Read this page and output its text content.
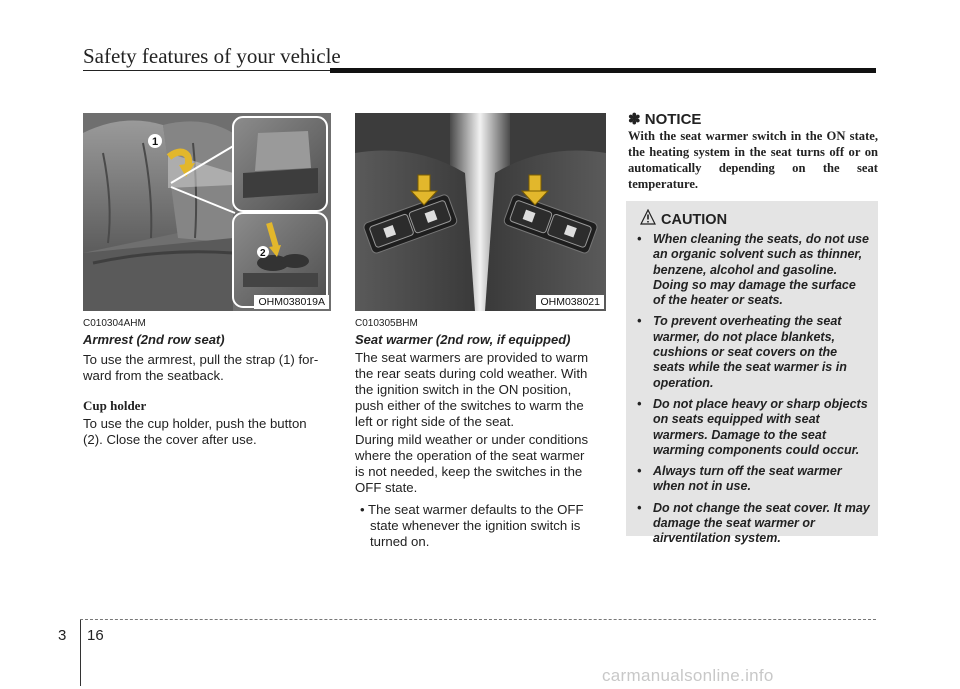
Safety features of your vehicle
1
2
OHM038019A
C010304AHM
Armrest (2nd row seat)
To use the armrest, pull the strap (1) for-
ward from the seatback.
Cup holder
To use the cup holder, push the button
(2). Close the cover after use.
OHM038021
C010305BHM
Seat warmer (2nd row, if equipped)
The seat warmers are provided to warm
the rear seats during cold weather. With
the ignition switch in the ON position,
push either of the switches to warm the
left or right side of the seat.
During mild weather or under conditions
where the operation of the seat warmer
is not needed, keep the switches in the
OFF state.
• The seat warmer defaults to the OFF
state whenever the ignition switch is
turned on.
✽ NOTICE

With the seat warmer switch in the ON state, the heating system in the seat turns off or on automatically depending on the seat temperature.

CAUTION
• When cleaning the seats, do not use an organic solvent such as thinner, benzene, alcohol and gasoline. Doing so may damage the surface of the heater or seats.
• To prevent overheating the seat warmer, do not place blankets, cushions or seat covers on the seats while the seat warmer is in operation.
• Do not place heavy or sharp objects on seats equipped with seat warmers. Damage to the seat warming components could occur.
• Always turn off the seat warmer when not in use.
• Do not change the seat cover. It may damage the seat warmer or airventilation system.
3 16
carmanualsonline.info
